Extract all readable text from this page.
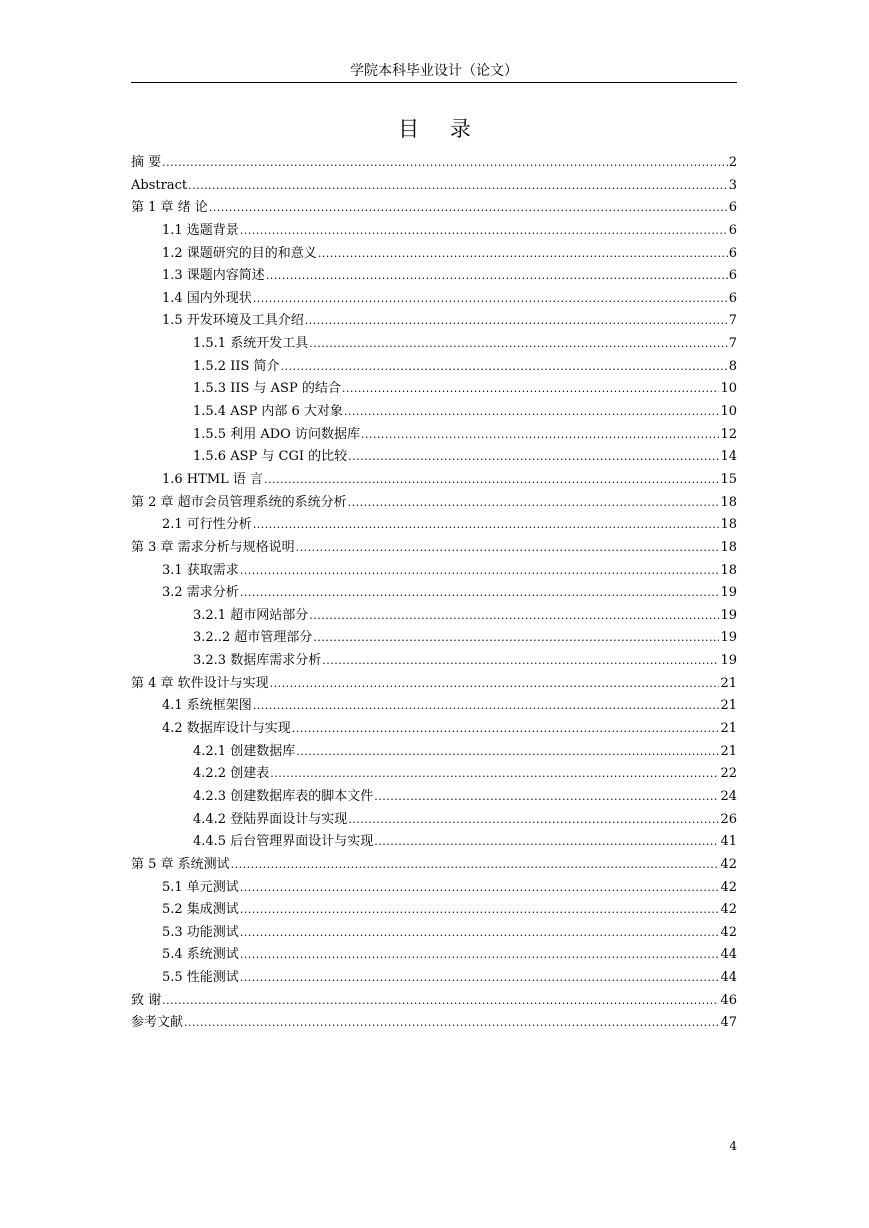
学院本科毕业设计（论文）
目 录
摘 要 .....	2
Abstract .....	3
第 1 章 绪 论 .....	6
1.1 选题背景 .....	6
1.2 课题研究的目的和意义 .....	6
1.3 课题内容简述 .....	6
1.4 国内外现状 .....	6
1.5 开发环境及工具介绍 .....	7
1.5.1 系统开发工具 .....	7
1.5.2 IIS 简介 .....	8
1.5.3 IIS 与 ASP 的结合 .....	10
1.5.4 ASP 内部 6 大对象 .....	10
1.5.5 利用 ADO 访问数据库 .....	12
1.5.6 ASP 与 CGI 的比较 .....	14
1.6 HTML 语 言 .....	15
第 2 章 超市会员管理系统的系统分析 .....	18
2.1 可行性分析 .....	18
第 3 章 需求分析与规格说明 .....	18
3.1 获取需求 .....	18
3.2 需求分析 .....	19
3.2.1 超市网站部分 .....	19
3.2..2 超市管理部分 .....	19
3.2.3 数据库需求分析 .....	19
第 4 章 软件设计与实现 .....	21
4.1 系统框架图 .....	21
4.2 数据库设计与实现 .....	21
4.2.1 创建数据库 .....	21
4.2.2 创建表 .....	22
4.2.3 创建数据库表的脚本文件 .....	24
4.4.2 登陆界面设计与实现 .....	26
4.4.5 后台管理界面设计与实现 .....	41
第 5 章 系统测试 .....	42
5.1 单元测试 .....	42
5.2 集成测试 .....	42
5.3 功能测试 .....	42
5.4 系统测试 .....	44
5.5 性能测试 .....	44
致 谢 .....	46
参考文献 .....	47
4
